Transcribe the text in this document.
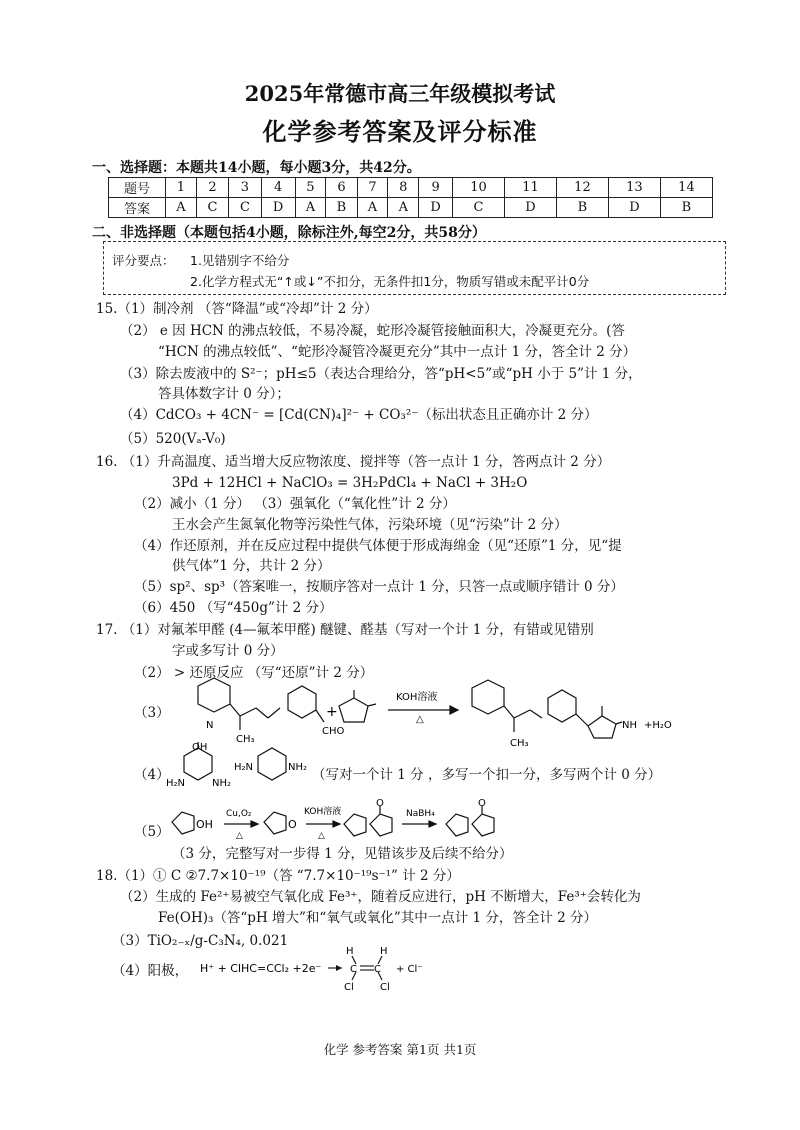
2025年常德市高三年级模拟考试
化学参考答案及评分标准
一、选择题：本题共14小题，每小题3分，共42分。
题号	1	2	3	4	5	6	7	8	9	10	11	12	13	14
答案	A	C	C	D	A	B	A	A	D	C	D	B	D	B
二、非选择题（本题包括4小题，除标注外,每空2分，共58分）
评分要点： 1.见错别字不给分
2.化学方程式无“↑或↓”不扣分，无条件扣1分，物质写错或未配平计0分
15.（1）制冷剂 （答“降温”或“冷却”计 2 分）
（2） e 因 HCN 的沸点较低，不易冷凝，蛇形冷凝管接触面积大，冷凝更充分。(答
“HCN 的沸点较低”、“蛇形冷凝管冷凝更充分”其中一点计 1 分，答全计 2 分）
（3）除去废液中的 S²⁻；pH≤5（表达合理给分，答“pH<5”或“pH 小于 5”计 1 分，
答具体数字计 0 分）；
（4）CdCO₃ + 4CN⁻ = [Cd(CN)₄]²⁻ + CO₃²⁻（标出状态且正确亦计 2 分）
（5）520(Vₐ-V₀)
16. （1）升高温度、适当增大反应物浓度、搅拌等（答一点计 1 分，答两点计 2 分）
3Pd + 12HCl + NaClO₃ = 3H₂PdCl₄ + NaCl + 3H₂O
（2）减小（1 分） （3）强氧化（“氧化性”计 2 分）
王水会产生氮氧化物等污染性气体，污染环境（见“污染”计 2 分）
（4）作还原剂，并在反应过程中提供气体便于形成海绵金（见“还原”1 分，见“提
供气体”1 分，共计 2 分）
（5）sp²、sp³（答案唯一，按顺序答对一点计 1 分，只答一点或顺序错计 0 分）
（6）450 （写“450g”计 2 分）
17. （1）对氟苯甲醛 (4—氟苯甲醛) 醚键、醛基（写对一个计 1 分，有错或见错别
字或多写计 0 分）
（2） > 还原反应 （写“还原”计 2 分）
（3）
N
CH₃
CHO
+
KOH溶液
△
CH₃
NH +H₂O
（4）
OH
H₂N	NH₂
H₂N	NH₂ （写对一个计 1 分 ，多写一个扣一分，多写两个计 0 分）
（5） OH
Cu,O₂
△
O
KOH溶液
△
O
NaBH₄
O
（3 分，完整写对一步得 1 分，见错该步及后续不给分）
18.（1）① C ②7.7×10⁻¹⁹（答 “7.7×10⁻¹⁹s⁻¹” 计 2 分）
（2）生成的 Fe²⁺易被空气氧化成 Fe³⁺，随着反应进行，pH 不断增大，Fe³⁺会转化为
Fe(OH)₃（答“pH 增大”和“氧气或氧化”其中一点计 1 分，答全计 2 分）
（3）TiO₂₋ₓ/g-C₃N₄, 0.021
（4）阳极， H⁺ + ClHC=CCl₂ +2e⁻
H
C C
H
Cl	Cl
+ Cl⁻
化学 参考答案 第1页 共1页
